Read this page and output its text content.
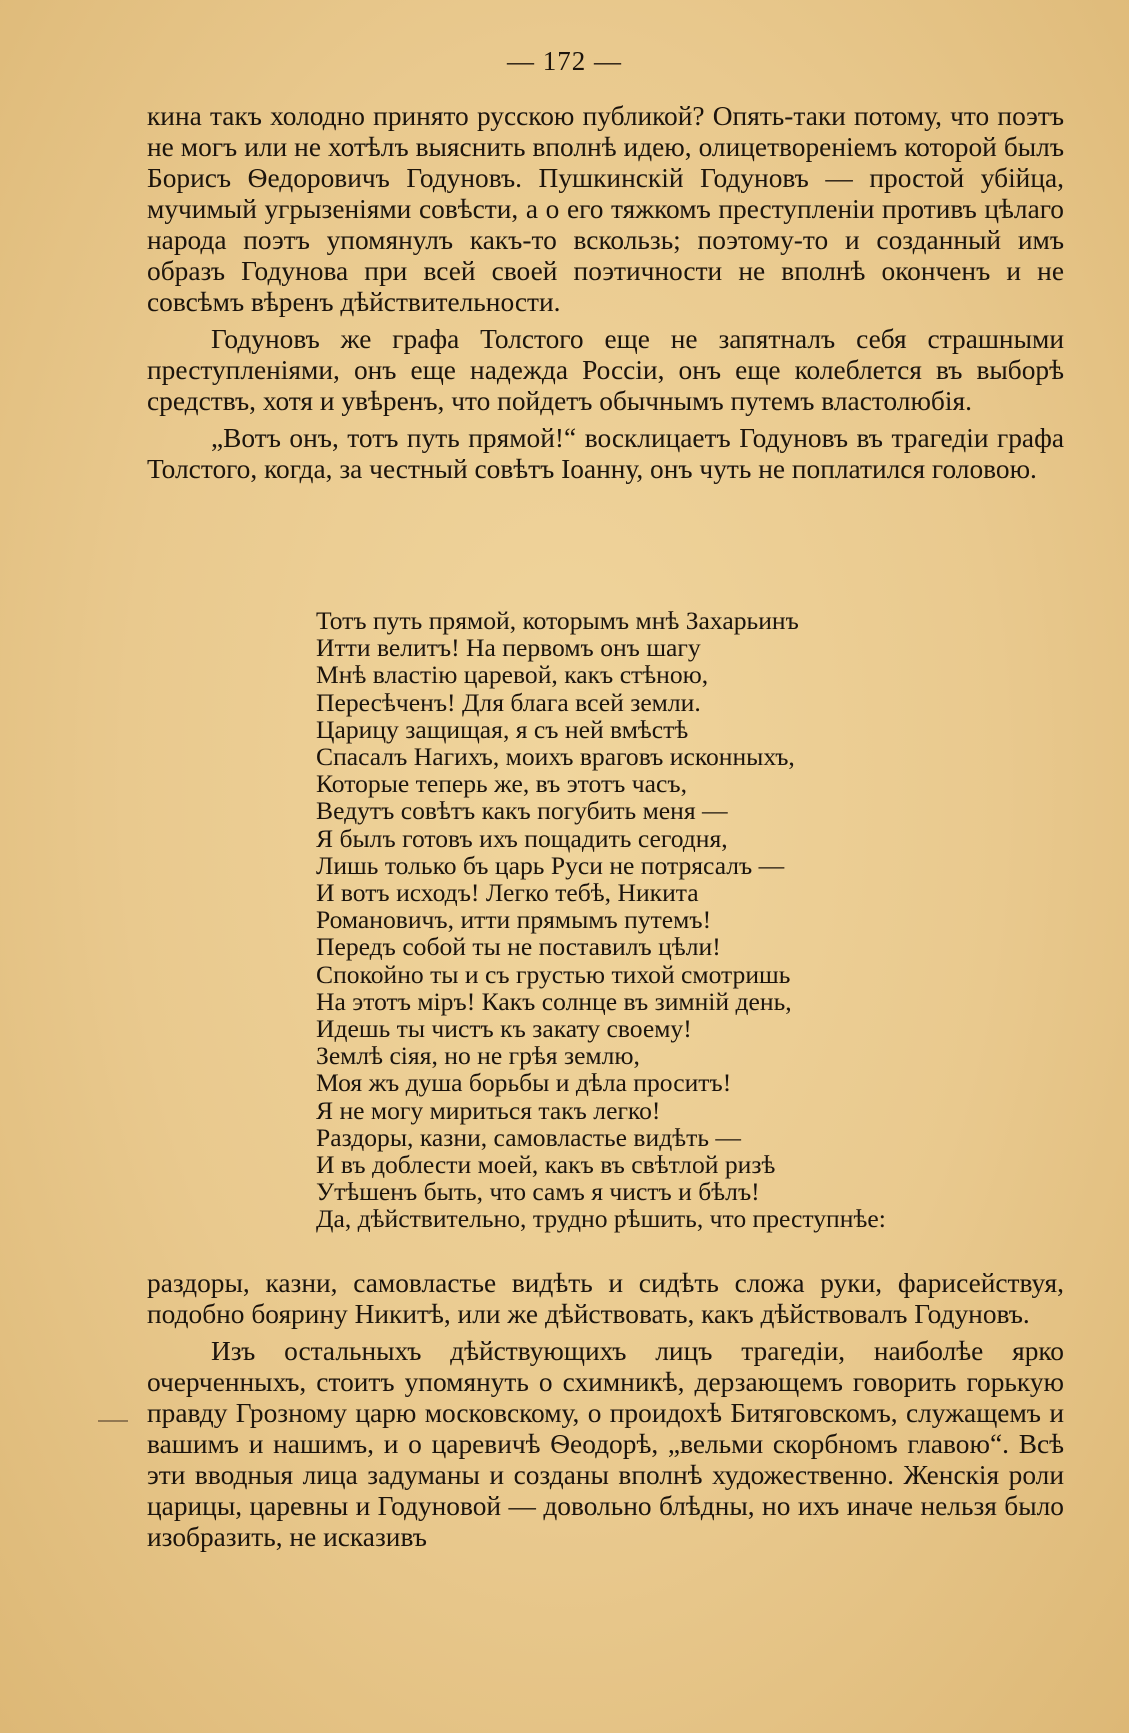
— 172 —

кина такъ холодно принято русскою публикой? Опять-таки потому, что поэтъ не могъ или не хотѣлъ выяснить вполнѣ идею, олицетвореніемъ которой былъ Борисъ Ѳедоровичъ Годуновъ. Пушкинскій Годуновъ — простой убійца, мучимый угрызеніями совѣсти, а о его тяжкомъ преступленіи противъ цѣлаго народа поэтъ упомянулъ какъ-то вскользь; поэтому-то и созданный имъ образъ Годунова при всей своей поэтичности не вполнѣ оконченъ и не совсѣмъ вѣренъ дѣйствительности.

Годуновъ же графа Толстого еще не запятналъ себя страшными преступленіями, онъ еще надежда Россіи, онъ еще колеблется въ выборѣ средствъ, хотя и увѣренъ, что пойдетъ обычнымъ путемъ властолюбія.

„Вотъ онъ, тотъ путь прямой!“ восклицаетъ Годуновъ въ трагедіи графа Толстого, когда, за честный совѣтъ Іоанну, онъ чуть не поплатился головою.

Тотъ путь прямой, которымъ мнѣ Захарьинъ
Итти велитъ! На первомъ онъ шагу
Мнѣ властію царевой, какъ стѣною,
Пересѣченъ! Для блага всей земли.
Царицу защищая, я съ ней вмѣстѣ
Спасалъ Нагихъ, моихъ враговъ исконныхъ,
Которые теперь же, въ этотъ часъ,
Ведутъ совѣтъ какъ погубить меня —
Я былъ готовъ ихъ пощадить сегодня,
Лишь только бъ царь Руси не потрясалъ —
И вотъ исходъ! Легко тебѣ, Никита
Романовичъ, итти прямымъ путемъ!
Передъ собой ты не поставилъ цѣли!
Спокойно ты и съ грустью тихой смотришь
На этотъ міръ! Какъ солнце въ зимній день,
Идешь ты чистъ къ закату своему!
Землѣ сіяя, но не грѣя землю,
Моя жъ душа борьбы и дѣла проситъ!
Я не могу мириться такъ легко!
Раздоры, казни, самовластье видѣть —
И въ доблести моей, какъ въ свѣтлой ризѣ
Утѣшенъ быть, что самъ я чистъ и бѣлъ!
Да, дѣйствительно, трудно рѣшить, что преступнѣе:

раздоры, казни, самовластье видѣть и сидѣть сложа руки, фарисействуя, подобно боярину Никитѣ, или же дѣйствовать, какъ дѣйствовалъ Годуновъ.

Изъ остальныхъ дѣйствующихъ лицъ трагедіи, наиболѣе ярко очерченныхъ, стоитъ упомянуть о схимникѣ, дерзающемъ говорить горькую правду Грозному царю московскому, о проидохѣ Битяговскомъ, служащемъ и вашимъ и нашимъ, и о царевичѣ Ѳеодорѣ, „вельми скорбномъ главою“. Всѣ эти вводныя лица задуманы и созданы вполнѣ художественно. Женскія роли царицы, царевны и Годуновой — довольно блѣдны, но ихъ иначе нельзя было изобразить, не исказивъ
